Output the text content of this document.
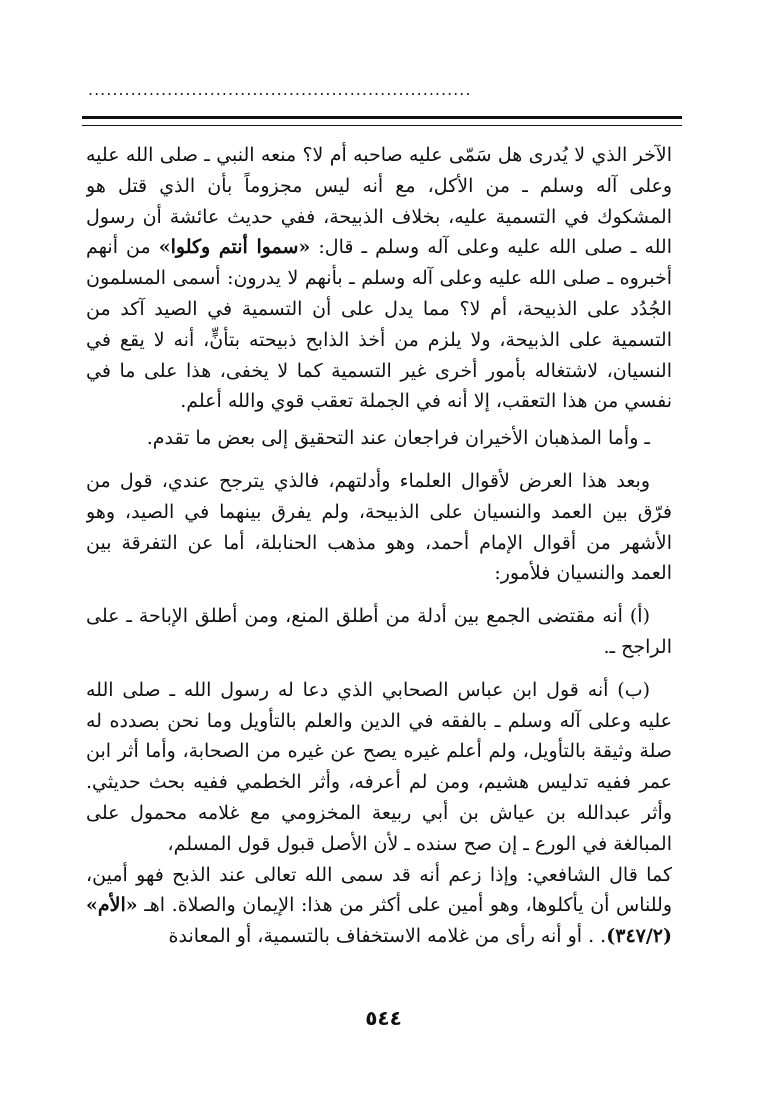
...............................................................

الآخر الذي لا يُدرى هل سَمّى عليه صاحبه أم لا؟ منعه النبي ـ صلى الله عليه وعلى آله وسلم ـ من الأكل، مع أنه ليس مجزوماً بأن الذي قتل هو المشكوك في التسمية عليه، بخلاف الذبيحة، ففي حديث عائشة أن رسول الله ـ صلى الله عليه وعلى آله وسلم ـ قال: «سموا أنتم وكلوا» من أنهم أخبروه ـ صلى الله عليه وعلى آله وسلم ـ بأنهم لا يدرون: أسمى المسلمون الجُدُد على الذبيحة، أم لا؟ مما يدل على أن التسمية في الصيد آكد من التسمية على الذبيحة، ولا يلزم من أخذ الذابح ذبيحته بتأنٍّ، أنه لا يقع في النسيان، لاشتغاله بأمور أخرى غير التسمية كما لا يخفى، هذا على ما في نفسي من هذا التعقب، إلا أنه في الجملة تعقب قوي والله أعلم.

ـ وأما المذهبان الأخيران فراجعان عند التحقيق إلى بعض ما تقدم.

وبعد هذا العرض لأقوال العلماء وأدلتهم، فالذي يترجح عندي، قول من فرّق بين العمد والنسيان على الذبيحة، ولم يفرق بينهما في الصيد، وهو الأشهر من أقوال الإمام أحمد، وهو مذهب الحنابلة، أما عن التفرقة بين العمد والنسيان فلأمور:

(أ) أنه مقتضى الجمع بين أدلة من أطلق المنع، ومن أطلق الإباحة ـ على الراجح ـ.

(ب) أنه قول ابن عباس الصحابي الذي دعا له رسول الله ـ صلى الله عليه وعلى آله وسلم ـ بالفقه في الدين والعلم بالتأويل وما نحن بصدده له صلة وثيقة بالتأويل، ولم أعلم غيره يصح عن غيره من الصحابة، وأما أثر ابن عمر ففيه تدليس هشيم، ومن لم أعرفه، وأثر الخطمي ففيه بحث حديثي. وأثر عبدالله بن عياش بن أبي ربيعة المخزومي مع غلامه محمول على المبالغة في الورع ـ إن صح سنده ـ لأن الأصل قبول قول المسلم،

كما قال الشافعي: وإذا زعم أنه قد سمى الله تعالى عند الذبح فهو أمين، وللناس أن يأكلوها، وهو أمين على أكثر من هذا: الإيمان والصلاة. اهـ «الأم» (٣٤٧/٢). . أو أنه رأى من غلامه الاستخفاف بالتسمية، أو المعاندة

٥٤٤
